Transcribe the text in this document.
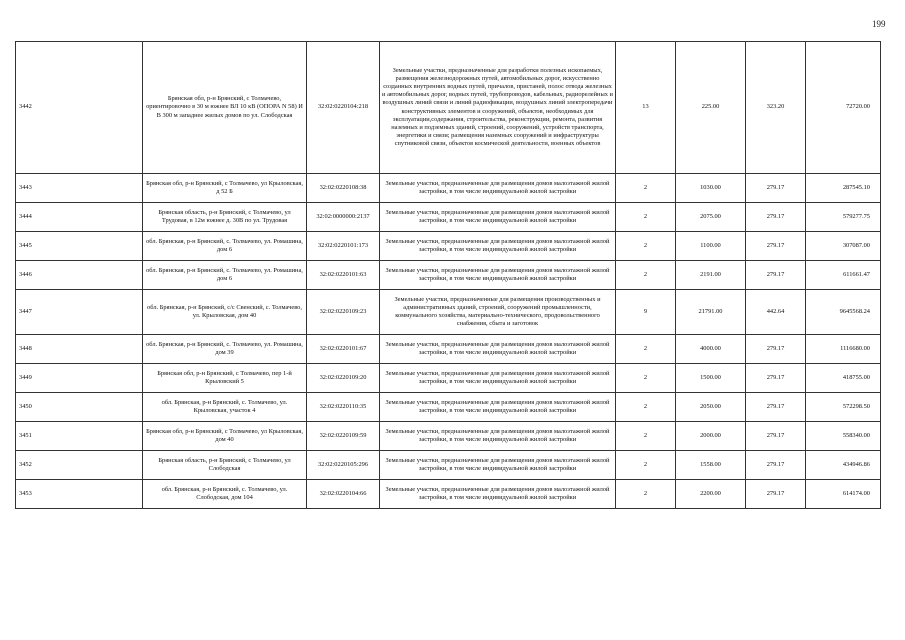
199
3442	Брянская обл, р-н Брянский, с Толмачево, ориентировочно в 30 м южнее ВЛ 10 кВ (ОПОРА N 58) И В 300 м западнее жилых домов по ул. Слободская	32:02:0220104:218	Земельные участки, предназначенные для разработки полезных ископаемых, размещения железнодорожных путей, автомобильных дорог, искусственно созданных внутренних водных путей, причалов, пристаней, полос отвода железных и автомобильных дорог, водных путей, трубопроводов, кабельных, радиорелейных и воздушных линий связи и линий радиофикации, воздушных линий электропередачи конструктивных элементов и сооружений, объектов, необходимых для эксплуатации,содержания, строительства, реконструкции, ремонта, развития наземных и подземных зданий, строений, сооружений, устройств транспорта, энергетики и связи; размещения наземных сооружений и инфраструктуры спутниковой связи, объектов космической деятельности, военных объектов	13	225.00	323.20	72720.00
3443	Брянская обл, р-н Брянский, с Толмачево, ул Крыловская, д 52 Б	32:02:0220108:38	Земельные участки, предназначенные для размещения домов малоэтажной жилой застройки, в том числе индивидуальной жилой застройки	2	1030.00	279.17	287545.10
3444	Брянская область, р-н Брянский, с Толмачево, ул Трудовая, в 12м южнее д. 30В по ул. Трудовая	32:02:0000000:2137	Земельные участки, предназначенные для размещения домов малоэтажной жилой застройки, в том числе индивидуальной жилой застройки	2	2075.00	279.17	579277.75
3445	обл. Брянская, р-н Брянский, с. Толмачево, ул. Ромашина, дом 6	32:02:0220101:173	Земельные участки, предназначенные для размещения домов малоэтажной жилой застройки, в том числе индивидуальной жилой застройки	2	1100.00	279.17	307087.00
3446	обл. Брянская, р-н Брянский, с. Толмачево, ул. Ромашина, дом 6	32:02:0220101:63	Земельные участки, предназначенные для размещения домов малоэтажной жилой застройки, в том числе индивидуальной жилой застройки	2	2191.00	279.17	611661.47
3447	обл. Брянская, р-н Брянский, с/с Свенский, с. Толмачево, ул. Крыловская, дом 40	32:02:0220109:23	Земельные участки, предназначенные для размещения производственных и административных зданий, строений, сооружений промышленности, коммунального хозяйства, материально-технического, продовольственного снабжения, сбыта и заготовок	9	21791.00	442.64	9645568.24
3448	обл. Брянская, р-н Брянский, с. Толмачево, ул. Ромашина, дом 39	32:02:0220101:67	Земельные участки, предназначенные для размещения домов малоэтажной жилой застройки, в том числе индивидуальной жилой застройки	2	4000.00	279.17	1116680.00
3449	Брянская обл, р-н Брянский, с Толмачево, пер 1-й Крыловский 5	32:02:0220109:20	Земельные участки, предназначенные для размещения домов малоэтажной жилой застройки, в том числе индивидуальной жилой застройки	2	1500.00	279.17	418755.00
3450	обл. Брянская, р-н Брянский, с. Толмачево, ул. Крыловская, участок 4	32:02:0220110:35	Земельные участки, предназначенные для размещения домов малоэтажной жилой застройки, в том числе индивидуальной жилой застройки	2	2050.00	279.17	572298.50
3451	Брянская обл, р-н Брянский, с Толмачево, ул Крыловская, дом 40	32:02:0220109:59	Земельные участки, предназначенные для размещения домов малоэтажной жилой застройки, в том числе индивидуальной жилой застройки	2	2000.00	279.17	558340.00
3452	Брянская область, р-н Брянский, с Толмачево, ул Слободская	32:02:0220105:296	Земельные участки, предназначенные для размещения домов малоэтажной жилой застройки, в том числе индивидуальной жилой застройки	2	1558.00	279.17	434946.86
3453	обл. Брянская, р-н Брянский, с. Толмачево, ул. Слободская, дом 104	32:02:0220104:66	Земельные участки, предназначенные для размещения домов малоэтажной жилой застройки, в том числе индивидуальной жилой застройки	2	2200.00	279.17	614174.00
